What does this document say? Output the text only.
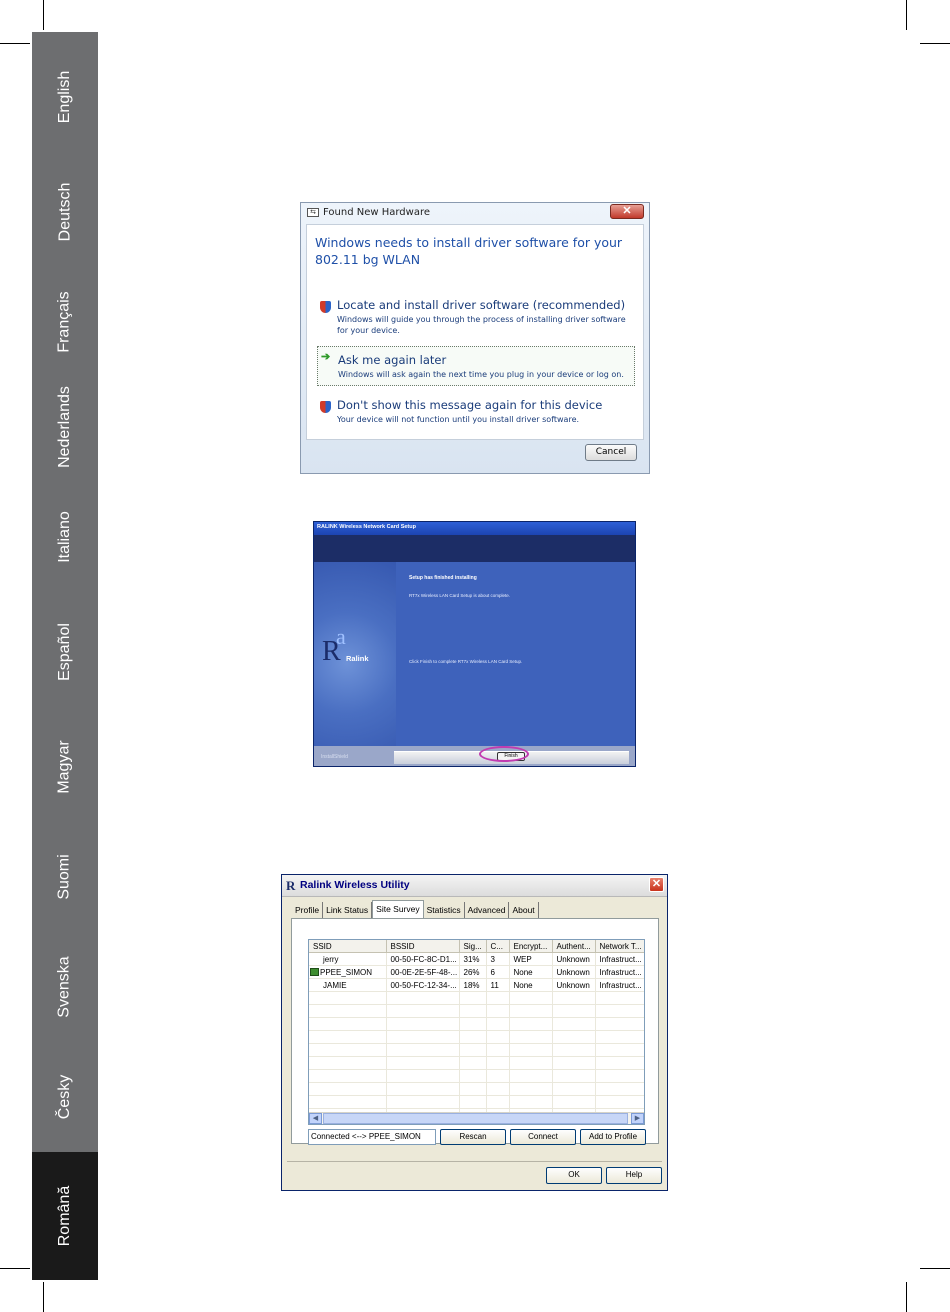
English
Deutsch
Français
Nederlands
Italiano
Español
Magyar
Suomi
Svenska
Česky
Română
⇆ Found New Hardware	✕
Windows needs to install driver software for your 802.11 bg WLAN
Locate and install driver software (recommended)
Windows will guide you through the process of installing driver software for your device.
➔ Ask me again later
Windows will ask again the next time you plug in your device or log on.
Don't show this message again for this device
Your device will not function until you install driver software.
Cancel
RALINK Wireless Network Card Setup
a
R Ralink
Setup has finished installing
RT7x Wireless LAN Card Setup is about complete.
Click Finish to complete RT7x Wireless LAN Card Setup.
InstallShield	Finish
R Ralink Wireless Utility	✕
Profile Link Status Site Survey Statistics Advanced About
SSID	BSSID	Sig...	C...	Encrypt...	Authent...	Network T...
jerry	00-50-FC-8C-D1...	31%	3	WEP	Unknown	Infrastruct...
PPEE_SIMON	00-0E-2E-5F-48-...	26%	6	None	Unknown	Infrastruct...
JAMIE	00-50-FC-12-34-...	18%	11	None	Unknown	Infrastruct...

◀	▶
Connected <--> PPEE_SIMON	Rescan	Connect	Add to Profile
OK	Help
